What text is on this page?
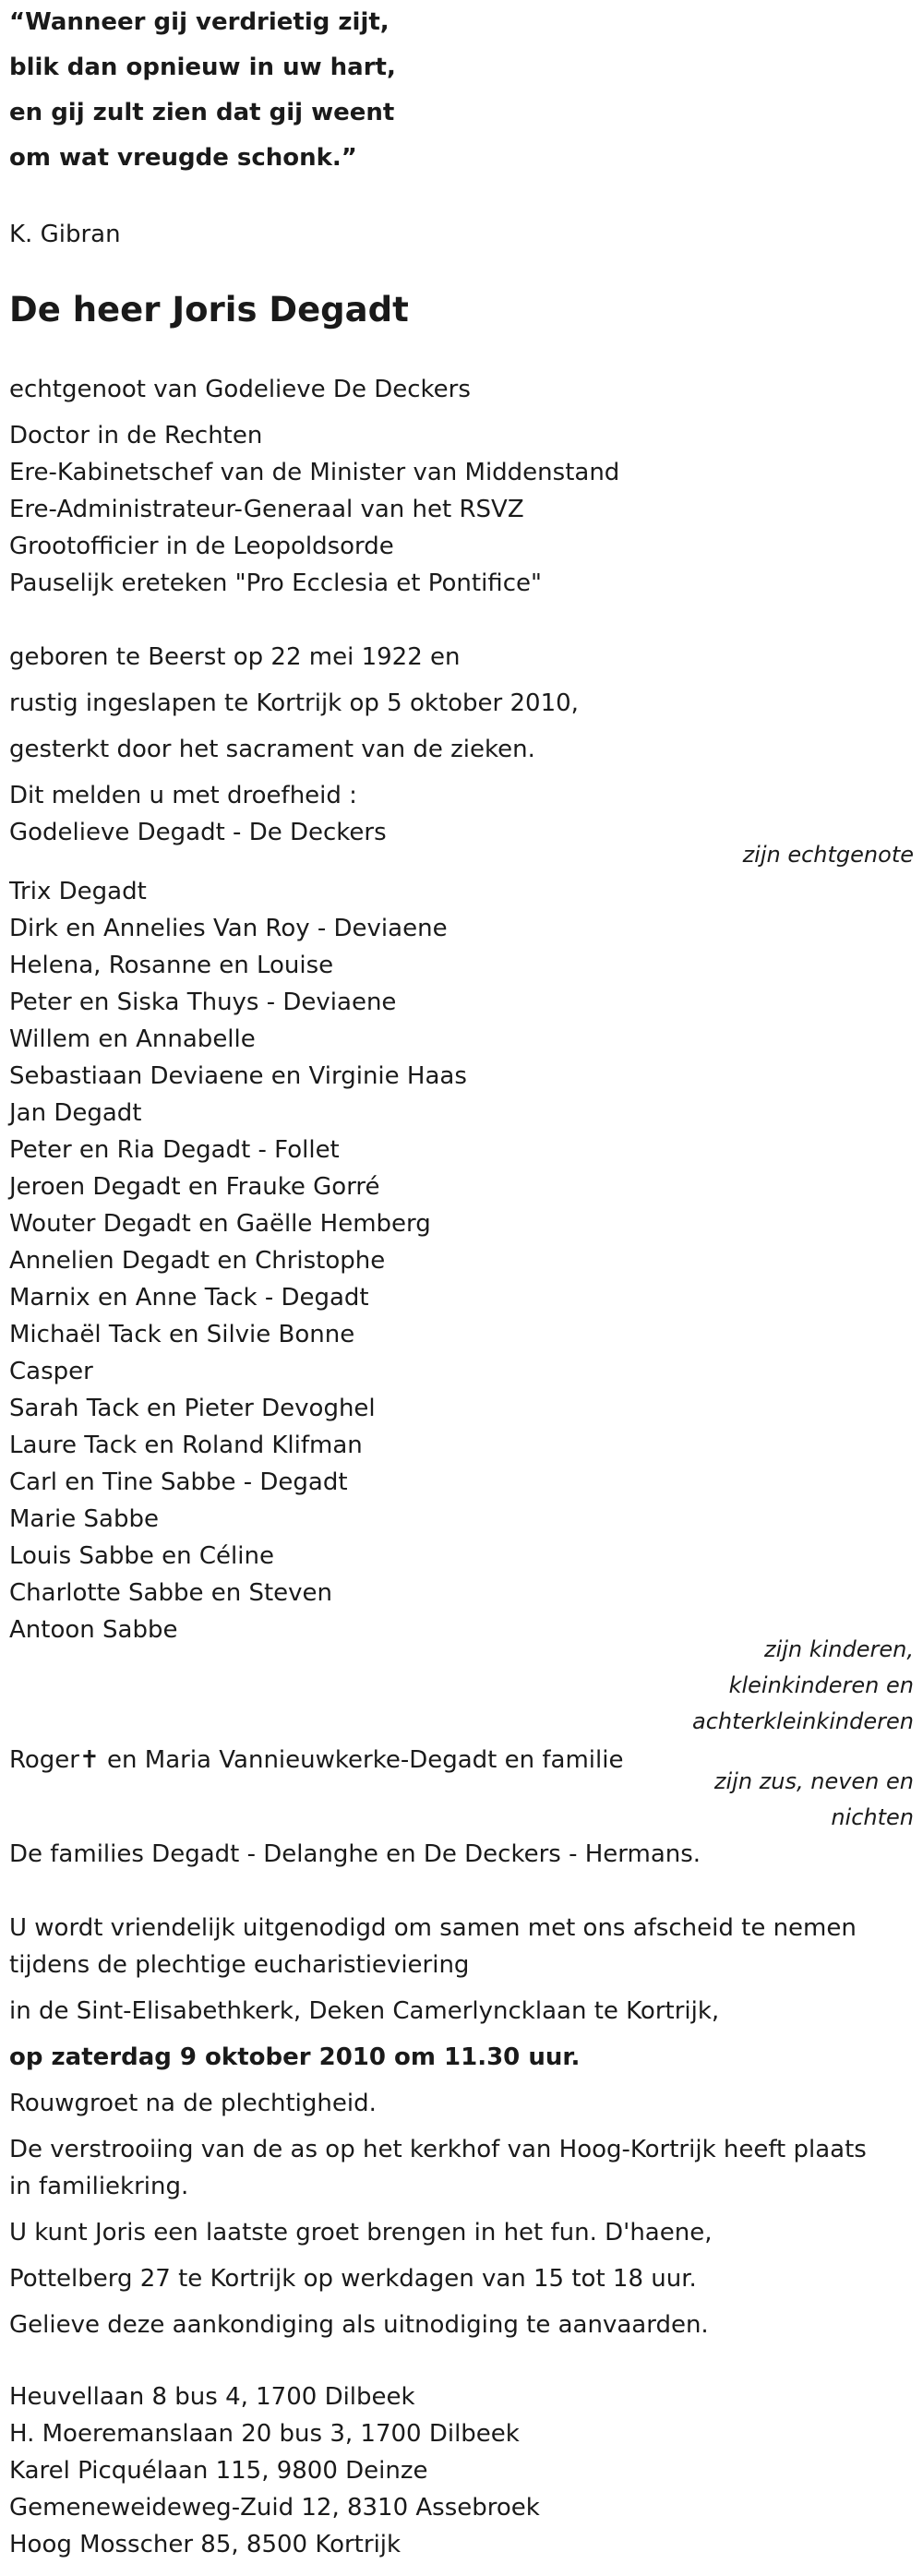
“Wanneer gij verdrietig zijt,
blik dan opnieuw in uw hart,
en gij zult zien dat gij weent
om wat vreugde schonk.”
K. Gibran
De heer Joris Degadt
echtgenoot van Godelieve De Deckers
Doctor in de Rechten
Ere-Kabinetschef van de Minister van Middenstand
Ere-Administrateur-Generaal van het RSVZ
Grootofficier in de Leopoldsorde
Pauselijk ereteken "Pro Ecclesia et Pontifice"
geboren te Beerst op 22 mei 1922 en
rustig ingeslapen te Kortrijk op 5 oktober 2010,
gesterkt door het sacrament van de zieken.
Dit melden u met droefheid :
Godelieve Degadt - De Deckers
zijn echtgenote
Trix Degadt
Dirk en Annelies Van Roy - Deviaene
Helena, Rosanne en Louise
Peter en Siska Thuys - Deviaene
Willem en Annabelle
Sebastiaan Deviaene en Virginie Haas
Jan Degadt
Peter en Ria Degadt - Follet
Jeroen Degadt en Frauke Gorré
Wouter Degadt en Gaëlle Hemberg
Annelien Degadt en Christophe
Marnix en Anne Tack - Degadt
Michaël Tack en Silvie Bonne
Casper
Sarah Tack en Pieter Devoghel
Laure Tack en Roland Klifman
Carl en Tine Sabbe - Degadt
Marie Sabbe
Louis Sabbe en Céline
Charlotte Sabbe en Steven
Antoon Sabbe
zijn kinderen,
kleinkinderen en
achterkleinkinderen
Roger✝ en Maria Vannieuwkerke-Degadt en familie
zijn zus, neven en
nichten
De families Degadt - Delanghe en De Deckers - Hermans.
U wordt vriendelijk uitgenodigd om samen met ons afscheid te nemen
tijdens de plechtige eucharistieviering
in de Sint-Elisabethkerk, Deken Camerlyncklaan te Kortrijk,
op zaterdag 9 oktober 2010 om 11.30 uur.
Rouwgroet na de plechtigheid.
De verstrooiing van de as op het kerkhof van Hoog-Kortrijk heeft plaats
in familiekring.
U kunt Joris een laatste groet brengen in het fun. D'haene,
Pottelberg 27 te Kortrijk op werkdagen van 15 tot 18 uur.
Gelieve deze aankondiging als uitnodiging te aanvaarden.
Heuvellaan 8 bus 4, 1700 Dilbeek
H. Moeremanslaan 20 bus 3, 1700 Dilbeek
Karel Picquélaan 115, 9800 Deinze
Gemeneweideweg-Zuid 12, 8310 Assebroek
Hoog Mosscher 85, 8500 Kortrijk
